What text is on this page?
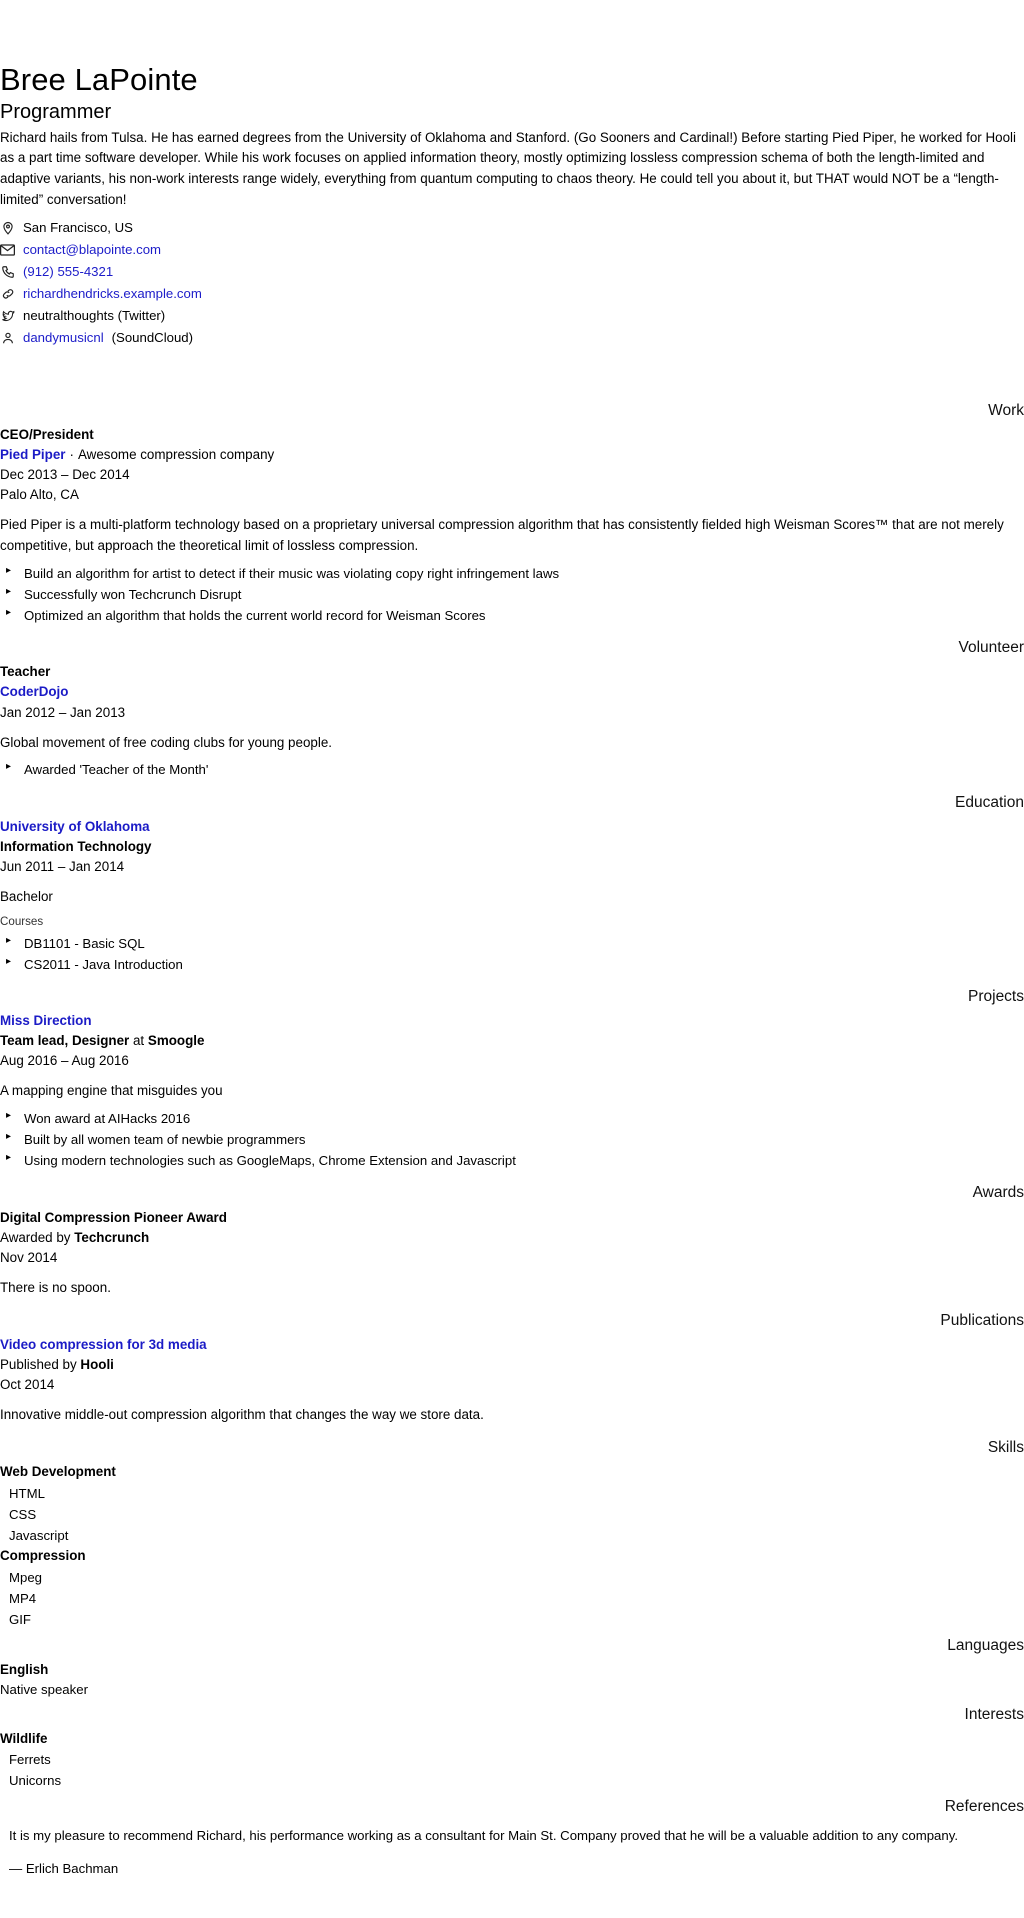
Bree LaPointe
Programmer

Richard hails from Tulsa. He has earned degrees from the University of Oklahoma and Stanford. (Go Sooners and Cardinal!) Before starting Pied Piper, he worked for Hooli as a part time software developer. While his work focuses on applied information theory, mostly optimizing lossless compression schema of both the length-limited and adaptive variants, his non-work interests range widely, everything from quantum computing to chaos theory. He could tell you about it, but THAT would NOT be a “length-limited” conversation!

San Francisco, US
contact@blapointe.com
(912) 555-4321
richardhendricks.example.com
neutralthoughts (Twitter)
dandymusicnl (SoundCloud)
Work
CEO/President
Pied Piper · Awesome compression company
Dec 2013 – Dec 2014
Palo Alto, CA

Pied Piper is a multi-platform technology based on a proprietary universal compression algorithm that has consistently fielded high Weisman Scores™ that are not merely competitive, but approach the theoretical limit of lossless compression.

▸ Build an algorithm for artist to detect if their music was violating copy right infringement laws
▸ Successfully won Techcrunch Disrupt
▸ Optimized an algorithm that holds the current world record for Weisman Scores
Volunteer
Teacher
CoderDojo
Jan 2012 – Jan 2013

Global movement of free coding clubs for young people.

▸ Awarded 'Teacher of the Month'
Education
University of Oklahoma
Information Technology
Jun 2011 – Jan 2014

Bachelor

Courses
▸ DB1101 - Basic SQL
▸ CS2011 - Java Introduction
Projects
Miss Direction
Team lead, Designer at Smoogle
Aug 2016 – Aug 2016

A mapping engine that misguides you

▸ Won award at AIHacks 2016
▸ Built by all women team of newbie programmers
▸ Using modern technologies such as GoogleMaps, Chrome Extension and Javascript
Awards
Digital Compression Pioneer Award
Awarded by Techcrunch
Nov 2014

There is no spoon.

Publications
Video compression for 3d media
Published by Hooli
Oct 2014

Innovative middle-out compression algorithm that changes the way we store data.

Skills
Web Development
HTML
CSS
Javascript
Compression
Mpeg
MP4
GIF
Languages
English
Native speaker
Interests
Wildlife
Ferrets
Unicorns
References

It is my pleasure to recommend Richard, his performance working as a consultant for Main St. Company proved that he will be a valuable addition to any company.

— Erlich Bachman
